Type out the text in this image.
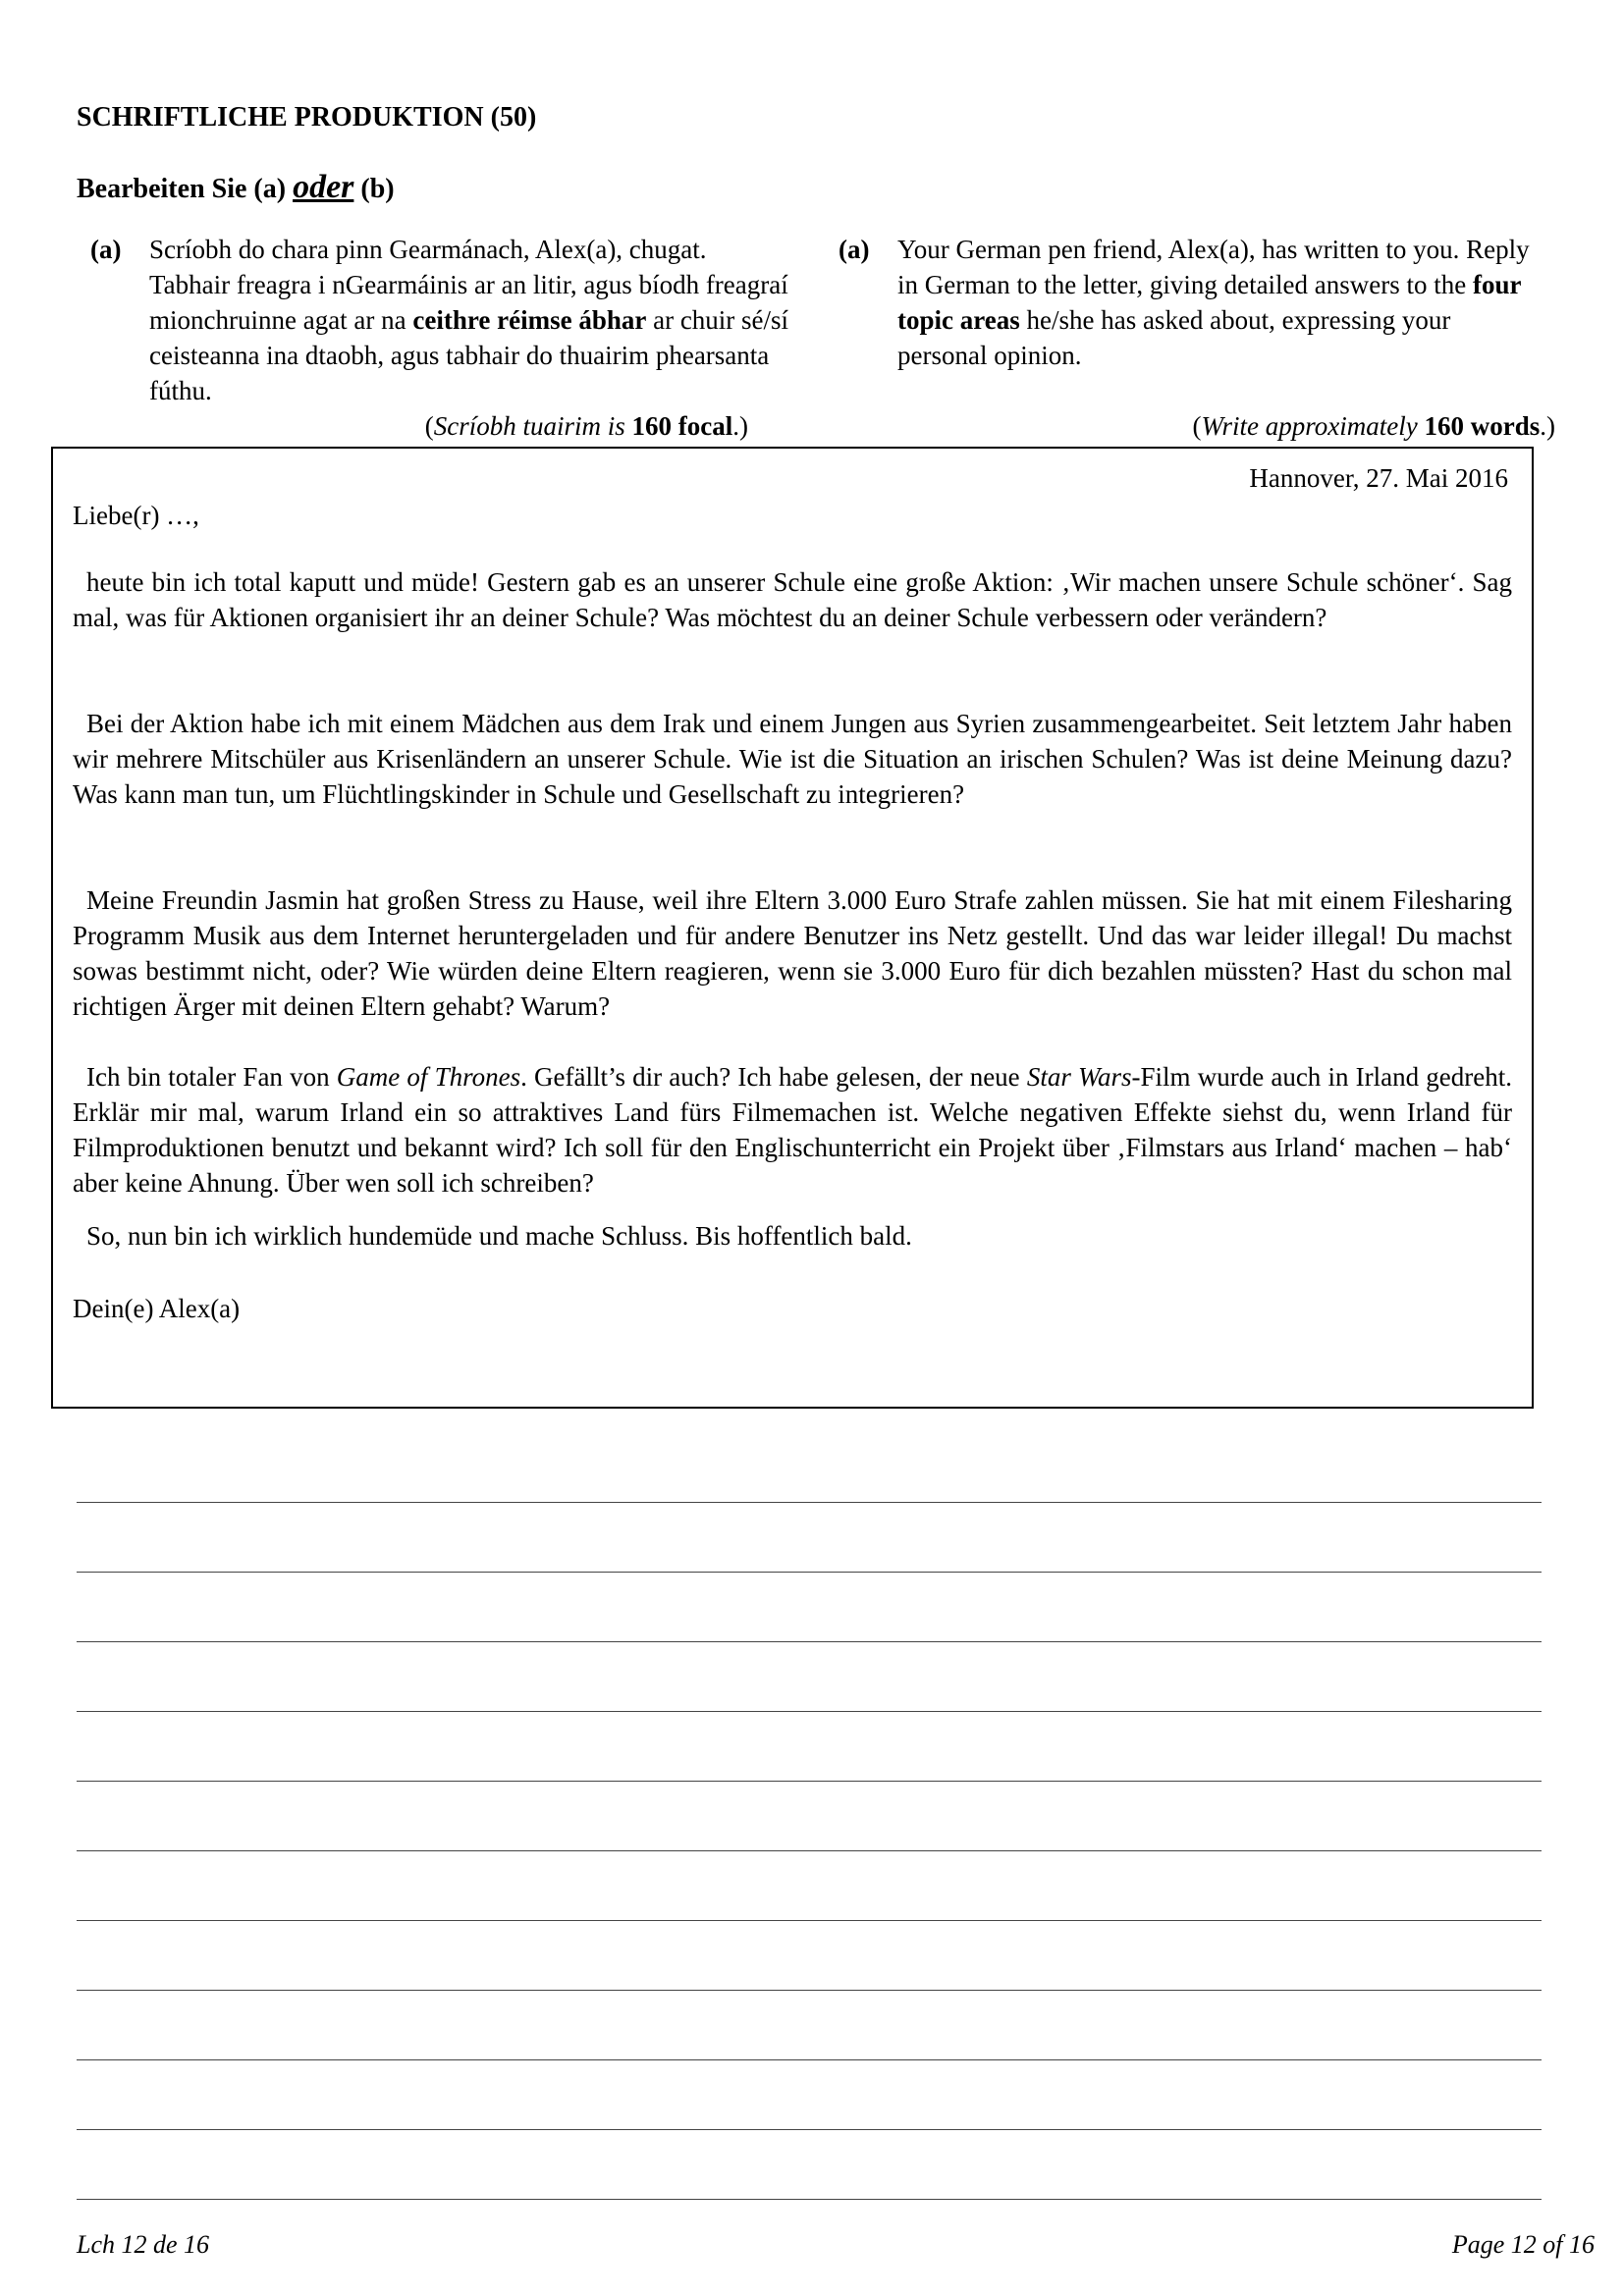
SCHRIFTLICHE PRODUKTION (50)
Bearbeiten Sie (a) oder (b)
(a) Scríobh do chara pinn Gearmánach, Alex(a), chugat. Tabhair freagra i nGearmáinis ar an litir, agus bíodh freagraí mionchruinne agat ar na ceithre réimse ábhar ar chuir sé/sí ceisteanna ina dtaobh, agus tabhair do thuairim phearsanta fúthu.
(Scríobh tuairim is 160 focal.)
(a) Your German pen friend, Alex(a), has written to you. Reply in German to the letter, giving detailed answers to the four topic areas he/she has asked about, expressing your personal opinion.
(Write approximately 160 words.)
Hannover, 27. Mai 2016
Liebe(r) …,
heute bin ich total kaputt und müde! Gestern gab es an unserer Schule eine große Aktion: ‚Wir machen unsere Schule schöner‘. Sag mal, was für Aktionen organisiert ihr an deiner Schule? Was möchtest du an deiner Schule verbessern oder verändern?
Bei der Aktion habe ich mit einem Mädchen aus dem Irak und einem Jungen aus Syrien zusammengearbeitet. Seit letztem Jahr haben wir mehrere Mitschüler aus Krisenländern an unserer Schule. Wie ist die Situation an irischen Schulen? Was ist deine Meinung dazu? Was kann man tun, um Flüchtlingskinder in Schule und Gesellschaft zu integrieren?
Meine Freundin Jasmin hat großen Stress zu Hause, weil ihre Eltern 3.000 Euro Strafe zahlen müssen. Sie hat mit einem Filesharing Programm Musik aus dem Internet heruntergeladen und für andere Benutzer ins Netz gestellt. Und das war leider illegal! Du machst sowas bestimmt nicht, oder? Wie würden deine Eltern reagieren, wenn sie 3.000 Euro für dich bezahlen müssten? Hast du schon mal richtigen Ärger mit deinen Eltern gehabt? Warum?
Ich bin totaler Fan von Game of Thrones. Gefällt’s dir auch? Ich habe gelesen, der neue Star Wars-Film wurde auch in Irland gedreht. Erklär mir mal, warum Irland ein so attraktives Land fürs Filmemachen ist. Welche negativen Effekte siehst du, wenn Irland für Filmproduktionen benutzt und bekannt wird? Ich soll für den Englischunterricht ein Projekt über ‚Filmstars aus Irland‘ machen – hab‘ aber keine Ahnung. Über wen soll ich schreiben?
So, nun bin ich wirklich hundemüde und mache Schluss. Bis hoffentlich bald.
Dein(e) Alex(a)
Lch 12 de 16	Page 12 of 16
